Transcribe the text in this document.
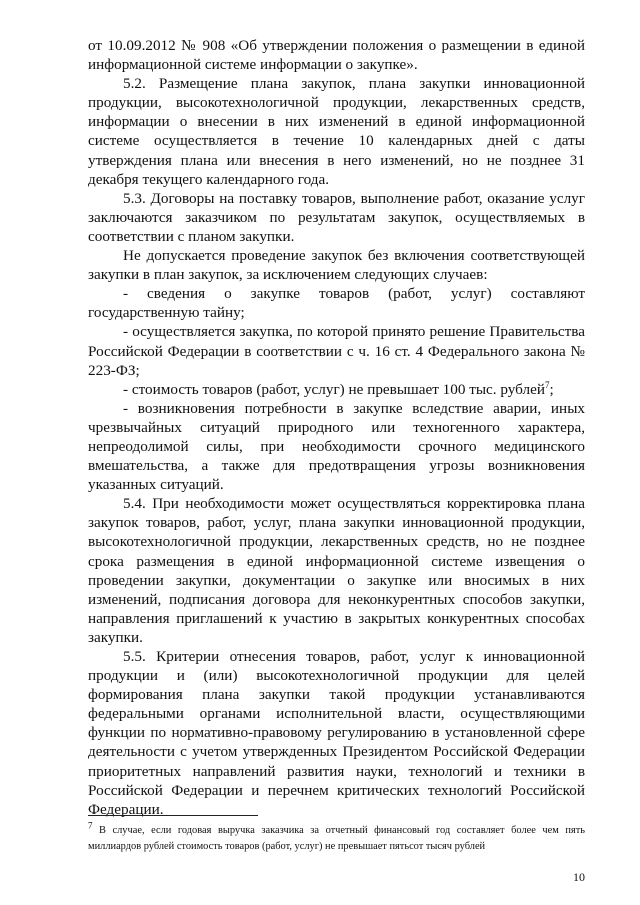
от 10.09.2012 № 908 «Об утверждении положения о размещении в единой информационной системе информации о закупке».

5.2. Размещение плана закупок, плана закупки инновационной продукции, высокотехнологичной продукции, лекарственных средств, информации о внесении в них изменений в единой информационной системе осуществляется в течение 10 календарных дней с даты утверждения плана или внесения в него изменений, но не позднее 31 декабря текущего календарного года.

5.3. Договоры на поставку товаров, выполнение работ, оказание услуг заключаются заказчиком по результатам закупок, осуществляемых в соответствии с планом закупки.

Не допускается проведение закупок без включения соответствующей закупки в план закупок, за исключением следующих случаев:

- сведения о закупке товаров (работ, услуг) составляют государственную тайну;

- осуществляется закупка, по которой принято решение Правительства Российской Федерации в соответствии с ч. 16 ст. 4 Федерального закона № 223-ФЗ;

- стоимость товаров (работ, услуг) не превышает 100 тыс. рублей$^7$;

- возникновения потребности в закупке вследствие аварии, иных чрезвычайных ситуаций природного или техногенного характера, непреодолимой силы, при необходимости срочного медицинского вмешательства, а также для предотвращения угрозы возникновения указанных ситуаций.

5.4. При необходимости может осуществляться корректировка плана закупок товаров, работ, услуг, плана закупки инновационной продукции, высокотехнологичной продукции, лекарственных средств, но не позднее срока размещения в единой информационной системе извещения о проведении закупки, документации о закупке или вносимых в них изменений, подписания договора для неконкурентных способов закупки, направления приглашений к участию в закрытых конкурентных способах закупки.

5.5. Критерии отнесения товаров, работ, услуг к инновационной продукции и (или) высокотехнологичной продукции для целей формирования плана закупки такой продукции устанавливаются федеральными органами исполнительной власти, осуществляющими функции по нормативно-правовому регулированию в установленной сфере деятельности с учетом утвержденных Президентом Российской Федерации приоритетных направлений развития науки, технологий и техники в Российской Федерации и перечнем критических технологий Российской Федерации.

$^7$ В случае, если годовая выручка заказчика за отчетный финансовый год составляет более чем пять миллиардов рублей стоимость товаров (работ, услуг) не превышает пятьсот тысяч рублей
10
